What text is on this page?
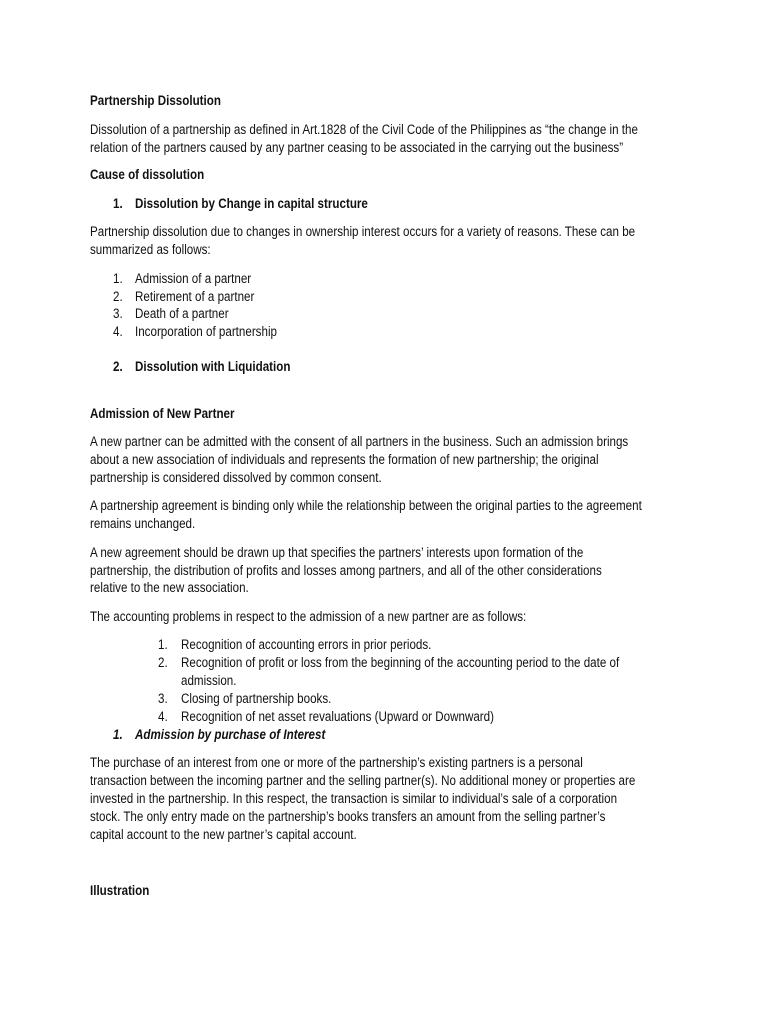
Partnership Dissolution
Dissolution of a partnership as defined in Art.1828 of the Civil Code of the Philippines as “the change in the
relation of the partners caused by any partner ceasing to be associated in the carrying out the business”
Cause of dissolution
1. Dissolution by Change in capital structure
Partnership dissolution due to changes in ownership interest occurs for a variety of reasons. These can be
summarized as follows:
1. Admission of a partner
2. Retirement of a partner
3. Death of a partner
4. Incorporation of partnership
2. Dissolution with Liquidation
Admission of New Partner
A new partner can be admitted with the consent of all partners in the business. Such an admission brings
about a new association of individuals and represents the formation of new partnership; the original
partnership is considered dissolved by common consent.
A partnership agreement is binding only while the relationship between the original parties to the agreement
remains unchanged.
A new agreement should be drawn up that specifies the partners’ interests upon formation of the
partnership, the distribution of profits and losses among partners, and all of the other considerations
relative to the new association.
The accounting problems in respect to the admission of a new partner are as follows:
1. Recognition of accounting errors in prior periods.
2. Recognition of profit or loss from the beginning of the accounting period to the date of
admission.
3. Closing of partnership books.
4. Recognition of net asset revaluations (Upward or Downward)
1. Admission by purchase of Interest
The purchase of an interest from one or more of the partnership’s existing partners is a personal
transaction between the incoming partner and the selling partner(s). No additional money or properties are
invested in the partnership. In this respect, the transaction is similar to individual’s sale of a corporation
stock. The only entry made on the partnership’s books transfers an amount from the selling partner’s
capital account to the new partner’s capital account.
Illustration
